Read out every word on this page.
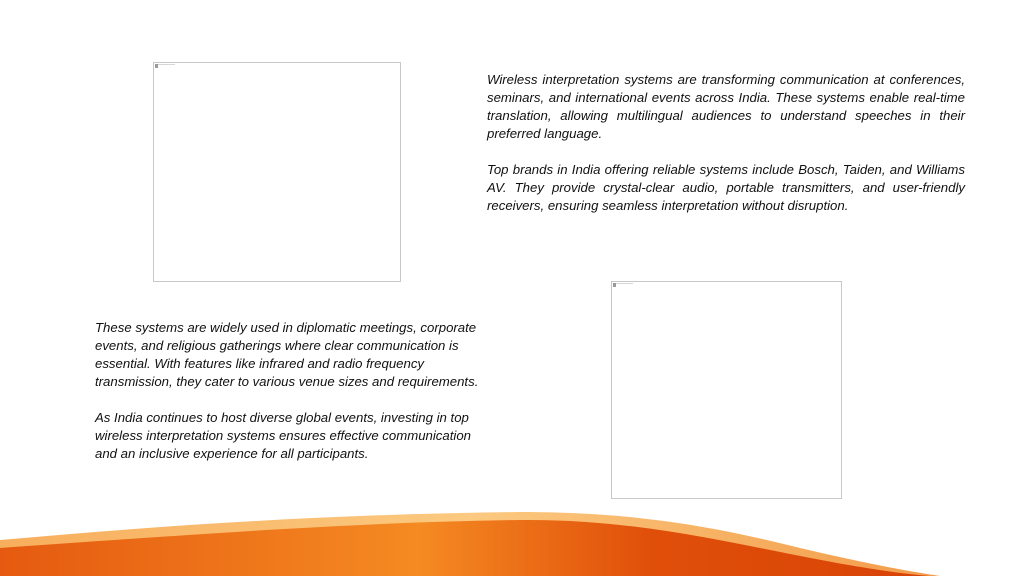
Wireless interpretation systems are transforming communication at conferences, seminars, and international events across India. These systems enable real-time translation, allowing multilingual audiences to understand speeches in their preferred language.

Top brands in India offering reliable systems include Bosch, Taiden, and Williams AV. They provide crystal-clear audio, portable transmitters, and user-friendly receivers, ensuring seamless interpretation without disruption.

These systems are widely used in diplomatic meetings, corporate events, and religious gatherings where clear communication is essential. With features like infrared and radio frequency transmission, they cater to various venue sizes and requirements.

As India continues to host diverse global events, investing in top wireless interpretation systems ensures effective communication and an inclusive experience for all participants.
